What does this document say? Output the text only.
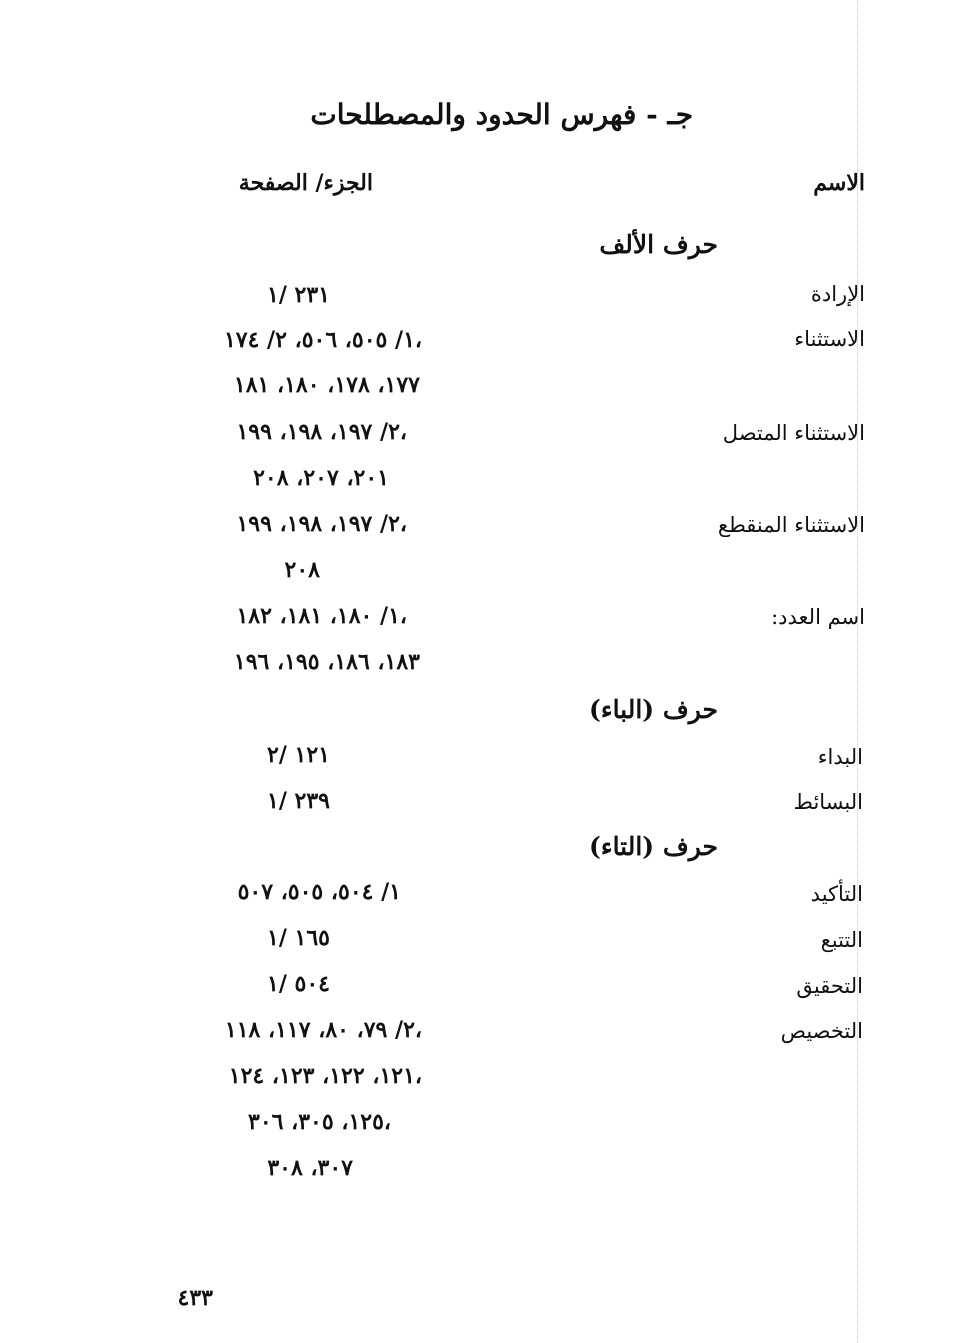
جـ - فهرس الحدود والمصطلحات
الاسم
الجزء/ الصفحة
حرف الألف
الإرادة
٢٣١ /١
الاستثناء
١/ ٥٠٥، ٥٠٦، ٢/ ١٧٤،
١٧٧، ١٧٨، ١٨٠، ١٨١
الاستثناء المتصل
٢/ ١٩٧، ١٩٨، ١٩٩،
٢٠١، ٢٠٧، ٢٠٨
الاستثناء المنقطع
٢/ ١٩٧، ١٩٨، ١٩٩،
٢٠٨
اسم العدد:
١/ ١٨٠، ١٨١، ١٨٢،
١٨٣، ١٨٦، ١٩٥، ١٩٦
حرف (الباء)
البداء
١٢١ /٢
البسائط
٢٣٩ /١
حرف (التاء)
التأكيد
١/ ٥٠٤، ٥٠٥، ٥٠٧
التتبع
١٦٥ /١
التحقيق
٥٠٤ /١
التخصيص
٢/ ٧٩، ٨٠، ١١٧، ١١٨،
١٢١، ١٢٢، ١٢٣، ١٢٤،
١٢٥، ٣٠٥، ٣٠٦،
٣٠٧، ٣٠٨
٤٣٣
